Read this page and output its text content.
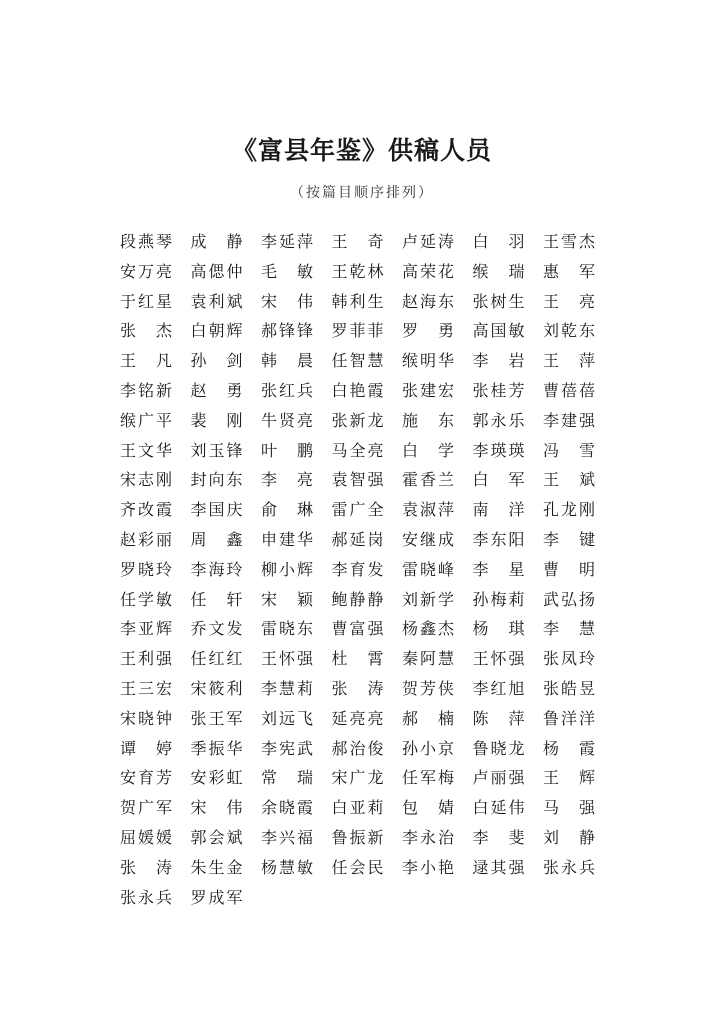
《富县年鉴》供稿人员
（按篇目顺序排列）
段 燕 琴 成 静 李 延 萍 王 奇 卢 延 涛 白 羽 王 雪 杰
安 万 亮 高 偲 仲 毛 敏 王 乾 林 高 荣 花 缑 瑞 惠 军
于 红 星 袁 利 斌 宋 伟 韩 利 生 赵 海 东 张 树 生 王 亮
张 杰 白 朝 辉 郝 锋 锋 罗 菲 菲 罗 勇 高 国 敏 刘 乾 东
王 凡 孙 剑 韩 晨 任 智 慧 缑 明 华 李 岩 王 萍
李 铭 新 赵 勇 张 红 兵 白 艳 霞 张 建 宏 张 桂 芳 曹 蓓 蓓
缑 广 平 裴 刚 牛 贤 亮 张 新 龙 施 东 郭 永 乐 李 建 强
王 文 华 刘 玉 锋 叶 鹏 马 全 亮 白 学 李 瑛 瑛 冯 雪
宋 志 刚 封 向 东 李 亮 袁 智 强 霍 香 兰 白 军 王 斌
齐 改 霞 李 国 庆 俞 琳 雷 广 全 袁 淑 萍 南 洋 孔 龙 刚
赵 彩 丽 周 鑫 申 建 华 郝 延 岗 安 继 成 李 东 阳 李 键
罗 晓 玲 李 海 玲 柳 小 辉 李 育 发 雷 晓 峰 李 星 曹 明
任 学 敏 任 轩 宋 颖 鲍 静 静 刘 新 学 孙 梅 莉 武 弘 扬
李 亚 辉 乔 文 发 雷 晓 东 曹 富 强 杨 鑫 杰 杨 琪 李 慧
王 利 强 任 红 红 王 怀 强 杜 霄 秦 阿 慧 王 怀 强 张 凤 玲
王 三 宏 宋 筱 利 李 慧 莉 张 涛 贺 芳 侠 李 红 旭 张 皓 昱
宋 晓 钟 张 王 军 刘 远 飞 延 亮 亮 郝 楠 陈 萍 鲁 洋 洋
谭 婷 季 振 华 李 宪 武 郝 治 俊 孙 小 京 鲁 晓 龙 杨 霞
安 育 芳 安 彩 虹 常 瑞 宋 广 龙 任 军 梅 卢 丽 强 王 辉
贺 广 军 宋 伟 余 晓 霞 白 亚 莉 包 婧 白 延 伟 马 强
屈 媛 媛 郭 会 斌 李 兴 福 鲁 振 新 李 永 治 李 斐 刘 静
张 涛 朱 生 金 杨 慧 敏 任 会 民 李 小 艳 逯 其 强 张 永 兵
张 永 兵 罗 成 军
